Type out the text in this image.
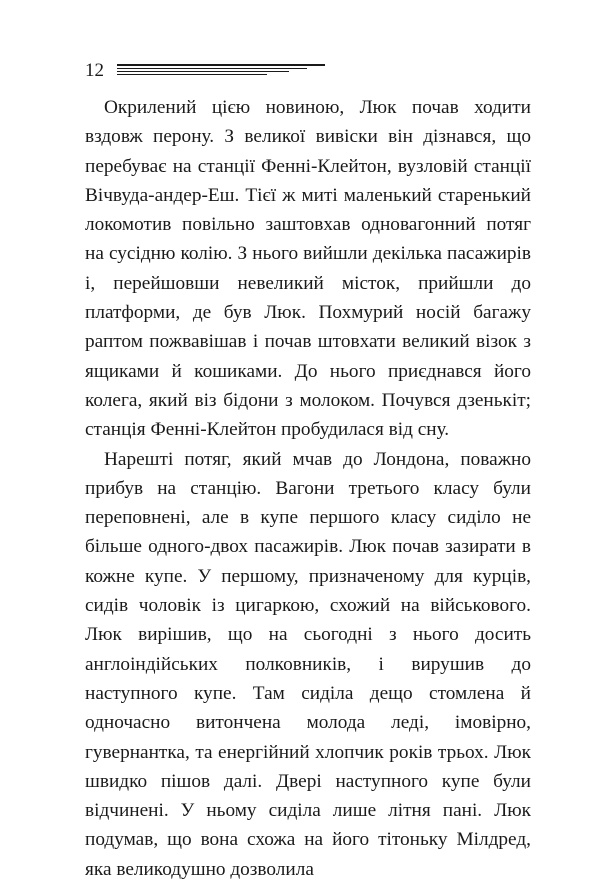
12

Окрилений цією новиною, Люк почав ходити вздовж перону. З великої вивіски він дізнався, що перебуває на станції Фенні-Клейтон, вузловій станції Вічвуда-андер-Еш. Тієї ж миті маленький старенький локомотив повільно заштовхав одновагонний потяг на сусідню колію. З нього вийшли декілька пасажирів і, перейшовши невеликий місток, прийшли до платформи, де був Люк. Похмурий носій багажу раптом пожвавішав і почав штовхати великий візок з ящиками й кошиками. До нього приєднався його колега, який віз бідони з молоком. Почувся дзенькіт; станція Фенні-Клейтон пробудилася від сну.

Нарешті потяг, який мчав до Лондона, поважно прибув на станцію. Вагони третього класу були переповнені, але в купе першого класу сиділо не більше одного-двох пасажирів. Люк почав зазирати в кожне купе. У першому, призначеному для курців, сидів чоловік із цигаркою, схожий на військового. Люк вирішив, що на сьогодні з нього досить англоіндійських полковників, і вирушив до наступного купе. Там сиділа дещо стомлена й одночасно витончена молода леді, імовірно, гувернантка, та енергійний хлопчик років трьох. Люк швидко пішов далі. Двері наступного купе були відчинені. У ньому сиділа лише літня пані. Люк подумав, що вона схожа на його тітоньку Мілдред, яка великодушно дозволила
